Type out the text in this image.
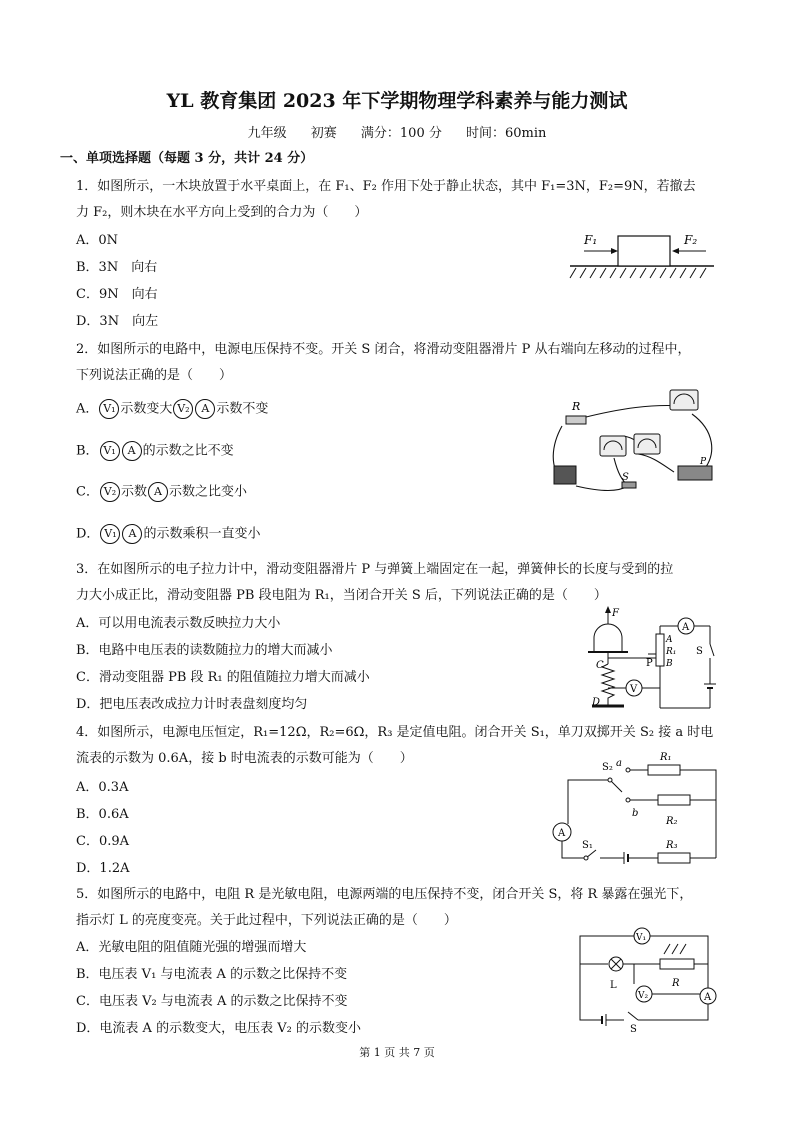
YL 教育集团 2023 年下学期物理学科素养与能力测试
九年级 初赛 满分：100 分 时间：60min
一、单项选择题（每题 3 分，共计 24 分）
1．如图所示，一木块放置于水平桌面上，在 F₁、F₂ 作用下处于静止状态，其中 F₁=3N，F₂=9N，若撤去
力 F₂，则木块在水平方向上受到的合力为（　　）
A．0N
B．3N　向右
C．9N　向右
D．3N　向左
F₁	F₂
2．如图所示的电路中，电源电压保持不变。开关 S 闭合，将滑动变阻器滑片 P 从右端向左移动的过程中，
下列说法正确的是（　　）
A． V₁ 示数变大 V₂ A 示数不变
B． V₁ A 的示数之比不变
C． V₂ 示数 A 示数之比变小
D． V₁ A 的示数乘积一直变小
R
P
S
3．在如图所示的电子拉力计中，滑动变阻器滑片 P 与弹簧上端固定在一起，弹簧伸长的长度与受到的拉
力大小成正比，滑动变阻器 PB 段电阻为 R₁，当闭合开关 S 后，下列说法正确的是（　　）
A．可以用电流表示数反映拉力大小
B．电路中电压表的读数随拉力的增大而减小
C．滑动变阻器 PB 段 R₁ 的阻值随拉力增大而减小
D．把电压表改成拉力计时表盘刻度均匀
F
C
D
P
A
R₁
B
A
S
V
4．如图所示，电源电压恒定，R₁=12Ω，R₂=6Ω，R₃ 是定值电阻。闭合开关 S₁，单刀双掷开关 S₂ 接 a 时电
流表的示数为 0.6A，接 b 时电流表的示数可能为（　　）
A．0.3A
B．0.6A
C．0.9A
D．1.2A
S₂
R₁
a
b
R₂
A
S₁	R₃
5．如图所示的电路中，电阻 R 是光敏电阻，电源两端的电压保持不变，闭合开关 S，将 R 暴露在强光下，
指示灯 L 的亮度变亮。关于此过程中，下列说法正确的是（　　）
A．光敏电阻的阻值随光强的增强而增大
B．电压表 V₁ 与电流表 A 的示数之比保持不变
C．电压表 V₂ 与电流表 A 的示数之比保持不变
D．电流表 A 的示数变大，电压表 V₂ 的示数变小
V₁
L	R
V₂	A
S
第 1 页 共 7 页
